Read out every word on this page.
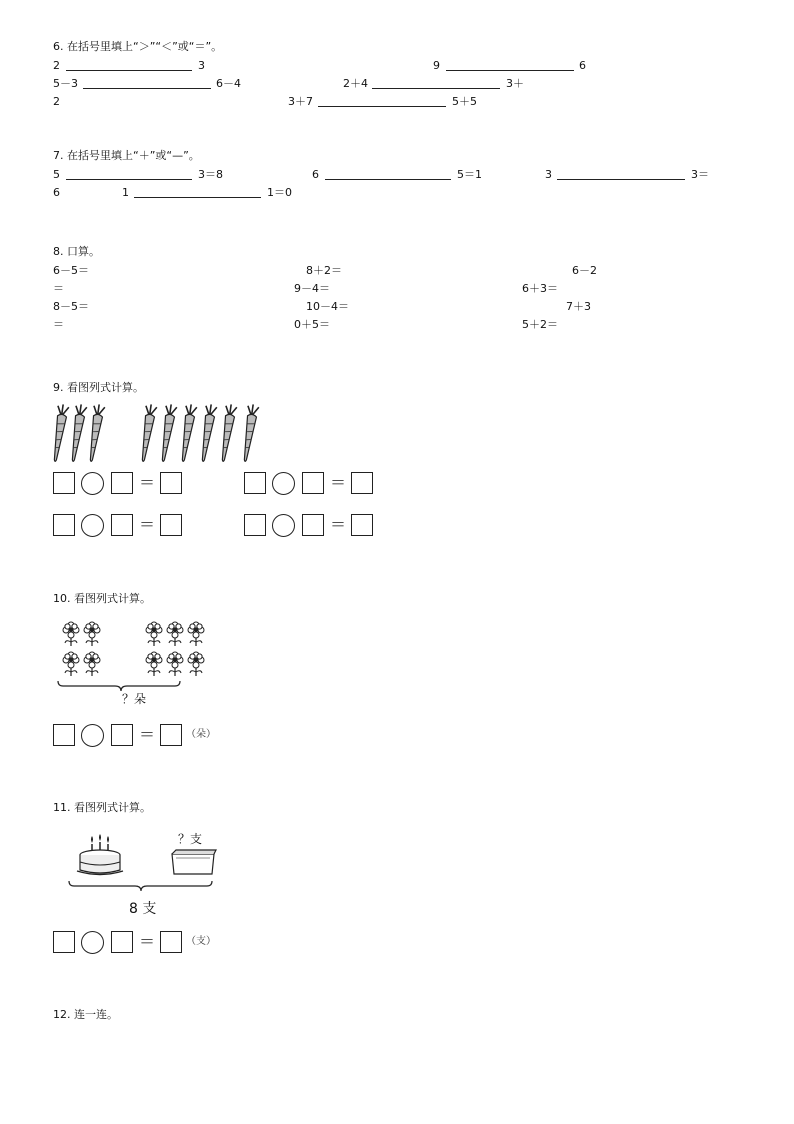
6. 在括号里填上“＞”“＜”或“＝”。
2	3	9	6
5－3	6－4	2＋4	3＋
2	3＋7	5＋5
7. 在括号里填上“＋”或“—”。
5	3＝8	6	5＝1	3	3＝
6	1	1＝0
8. 口算。
6－5＝	8＋2＝	6－2
＝	9－4＝	6＋3＝
8－5＝	10－4＝	7＋3
＝	0＋5＝	5＋2＝
9. 看图列式计算。
＝	＝
＝	＝
10. 看图列式计算。
？朵
＝	（朵）
11. 看图列式计算。
？支
8 支
＝	（支）
12. 连一连。
